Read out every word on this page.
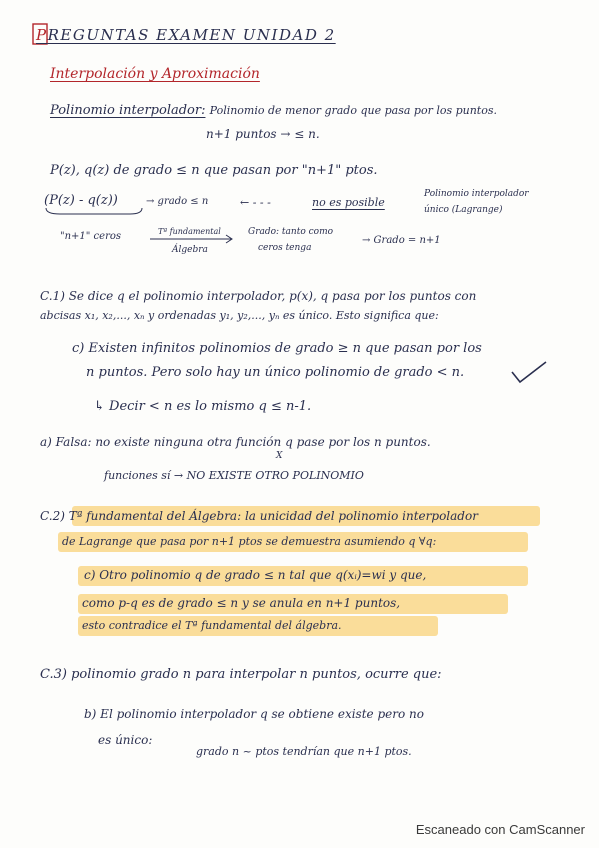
PREGUNTAS EXAMEN UNIDAD 2
Interpolación y Aproximación
Polinomio interpolador: Polinomio de menor grado que pasa por los puntos.
n+1 puntos → ≤ n.
P(z), q(z) de grado ≤ n que pasan por "n+1" ptos.
(P(z) - q(z))	→ grado ≤ n	← - - -	no es posible
Polinomio interpolador
único (Lagrange)
"n+1" ceros	Tª fundamental
Álgebra
Grado: tanto como
ceros tenga
→ Grado = n+1
C.1) Se dice q el polinomio interpolador, p(x), q pasa por los puntos con
abcisas x₁, x₂,..., xₙ y ordenadas y₁, y₂,..., yₙ es único. Esto significa que:
c) Existen infinitos polinomios de grado ≥ n que pasan por los
n puntos. Pero solo hay un único polinomio de grado < n.
↳ Decir < n es lo mismo q ≤ n-1.
a) Falsa: no existe ninguna otra función q pase por los n puntos.
X
funciones sí → NO EXISTE OTRO POLINOMIO
C.2) Tª fundamental del Álgebra: la unicidad del polinomio interpolador
de Lagrange que pasa por n+1 ptos se demuestra asumiendo q ∀q:
c) Otro polinomio q de grado ≤ n tal que q(xᵢ)=wi y que,
como p-q es de grado ≤ n y se anula en n+1 puntos,
esto contradice el Tª fundamental del álgebra.
C.3) polinomio grado n para interpolar n puntos, ocurre que:
b) El polinomio interpolador q se obtiene existe pero no
es único:
grado n ~ ptos tendrían que n+1 ptos.
Escaneado con CamScanner
